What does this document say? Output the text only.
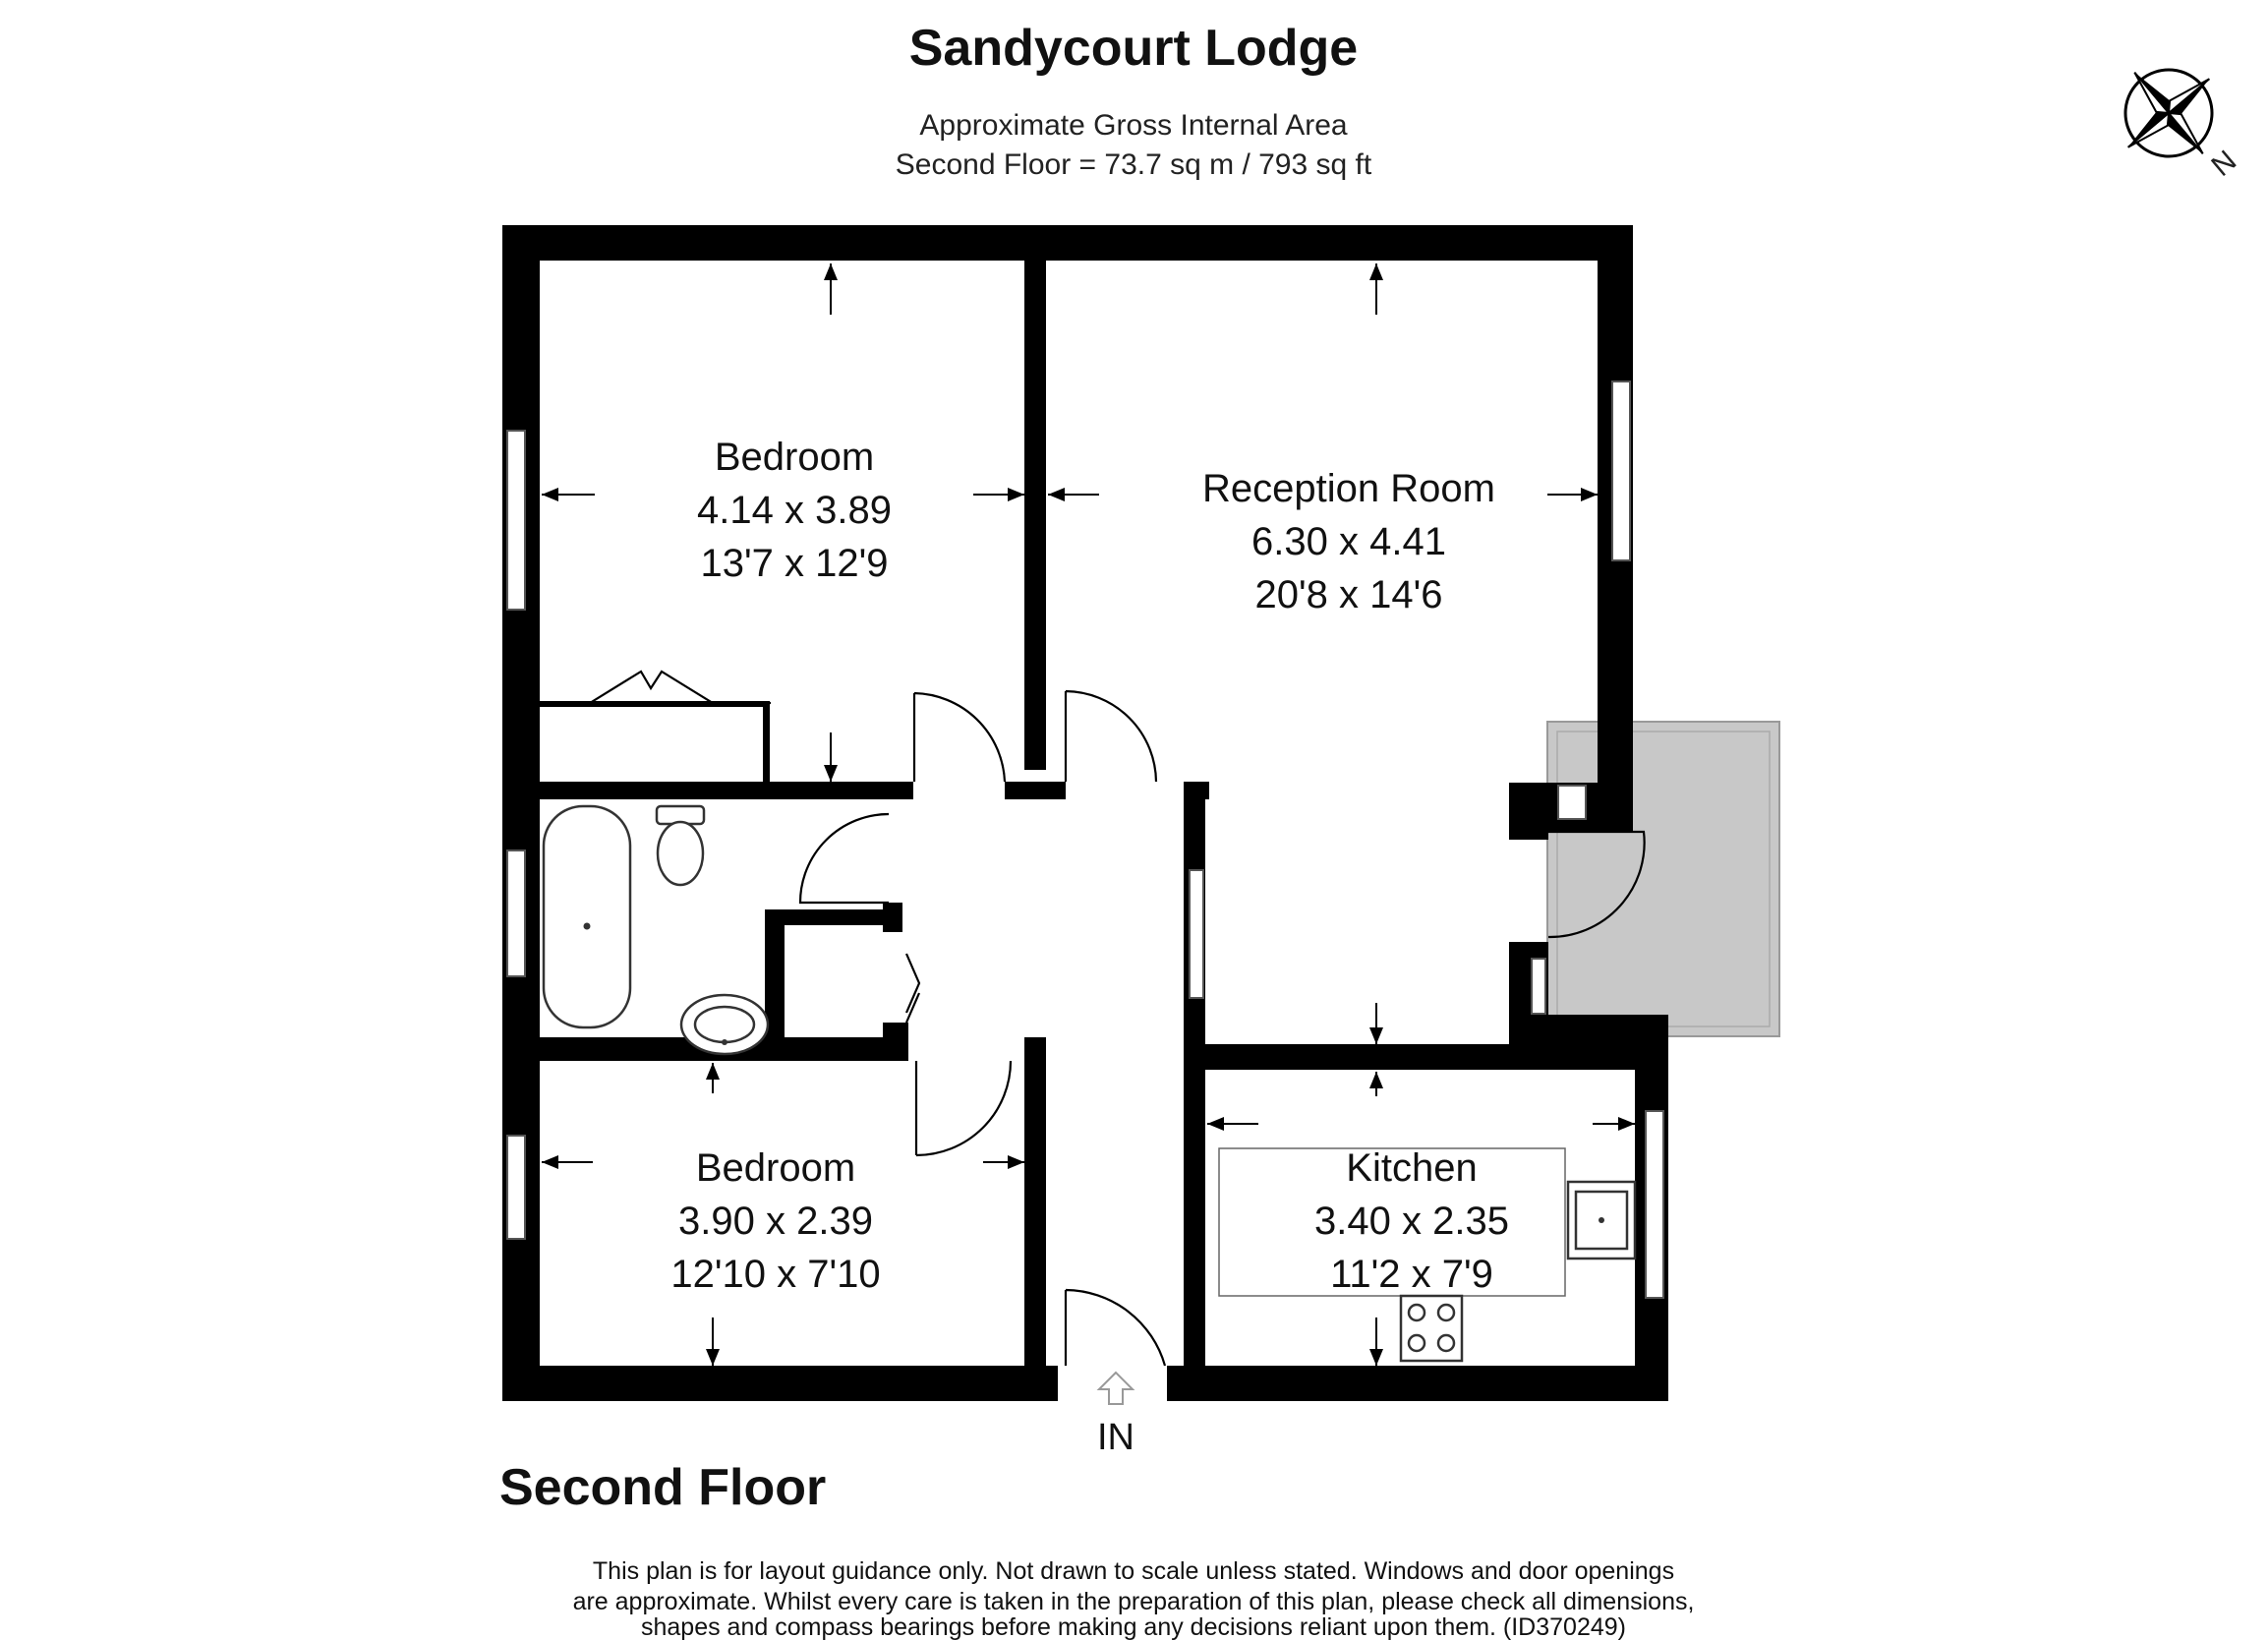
Sandycourt Lodge
Approximate Gross Internal Area
Second Floor = 73.7 sq m / 793 sq ft	N
IN
Bedroom
4.14 x 3.89
13'7 x 12'9
Reception Room
6.30 x 4.41
20'8 x 14'6
Bedroom
3.90 x 2.39
12'10 x 7'10
Kitchen
3.40 x 2.35
11'2 x 7'9
Second Floor
This plan is for layout guidance only. Not drawn to scale unless stated. Windows and door openings
are approximate. Whilst every care is taken in the preparation of this plan, please check all dimensions,
shapes and compass bearings before making any decisions reliant upon them. (ID370249)
